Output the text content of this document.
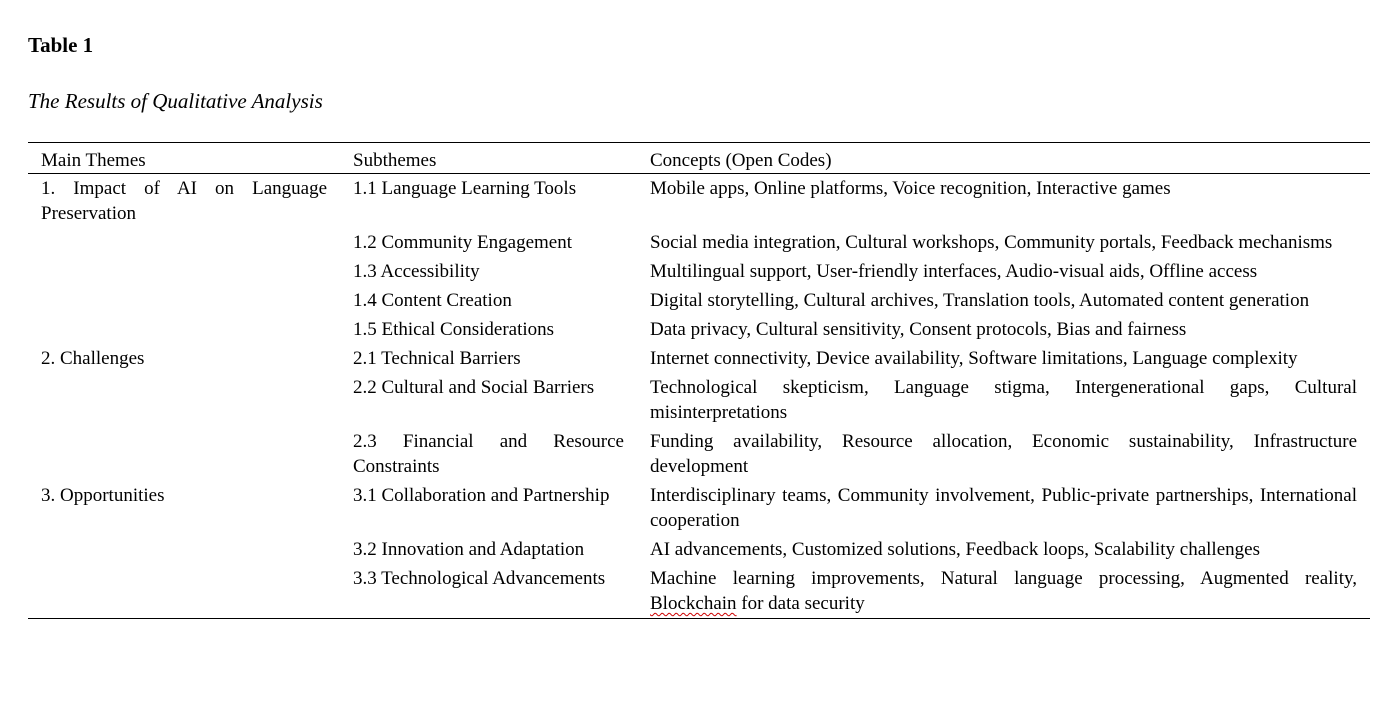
Table 1

The Results of Qualitative Analysis

Main Themes	Subthemes	Concepts (Open Codes)
1. Impact of AI on Language Preservation	1.1 Language Learning Tools	Mobile apps, Online platforms, Voice recognition, Interactive games
	1.2 Community Engagement	Social media integration, Cultural workshops, Community portals, Feedback mechanisms
	1.3 Accessibility	Multilingual support, User-friendly interfaces, Audio-visual aids, Offline access
	1.4 Content Creation	Digital storytelling, Cultural archives, Translation tools, Automated content generation
	1.5 Ethical Considerations	Data privacy, Cultural sensitivity, Consent protocols, Bias and fairness
2. Challenges	2.1 Technical Barriers	Internet connectivity, Device availability, Software limitations, Language complexity
	2.2 Cultural and Social Barriers	Technological skepticism, Language stigma, Intergenerational gaps, Cultural misinterpretations
	2.3 Financial and Resource Constraints	Funding availability, Resource allocation, Economic sustainability, Infrastructure development
3. Opportunities	3.1 Collaboration and Partnership	Interdisciplinary teams, Community involvement, Public-private partnerships, International cooperation
	3.2 Innovation and Adaptation	AI advancements, Customized solutions, Feedback loops, Scalability challenges
	3.3 Technological Advancements	Machine learning improvements, Natural language processing, Augmented reality, Blockchain for data security
